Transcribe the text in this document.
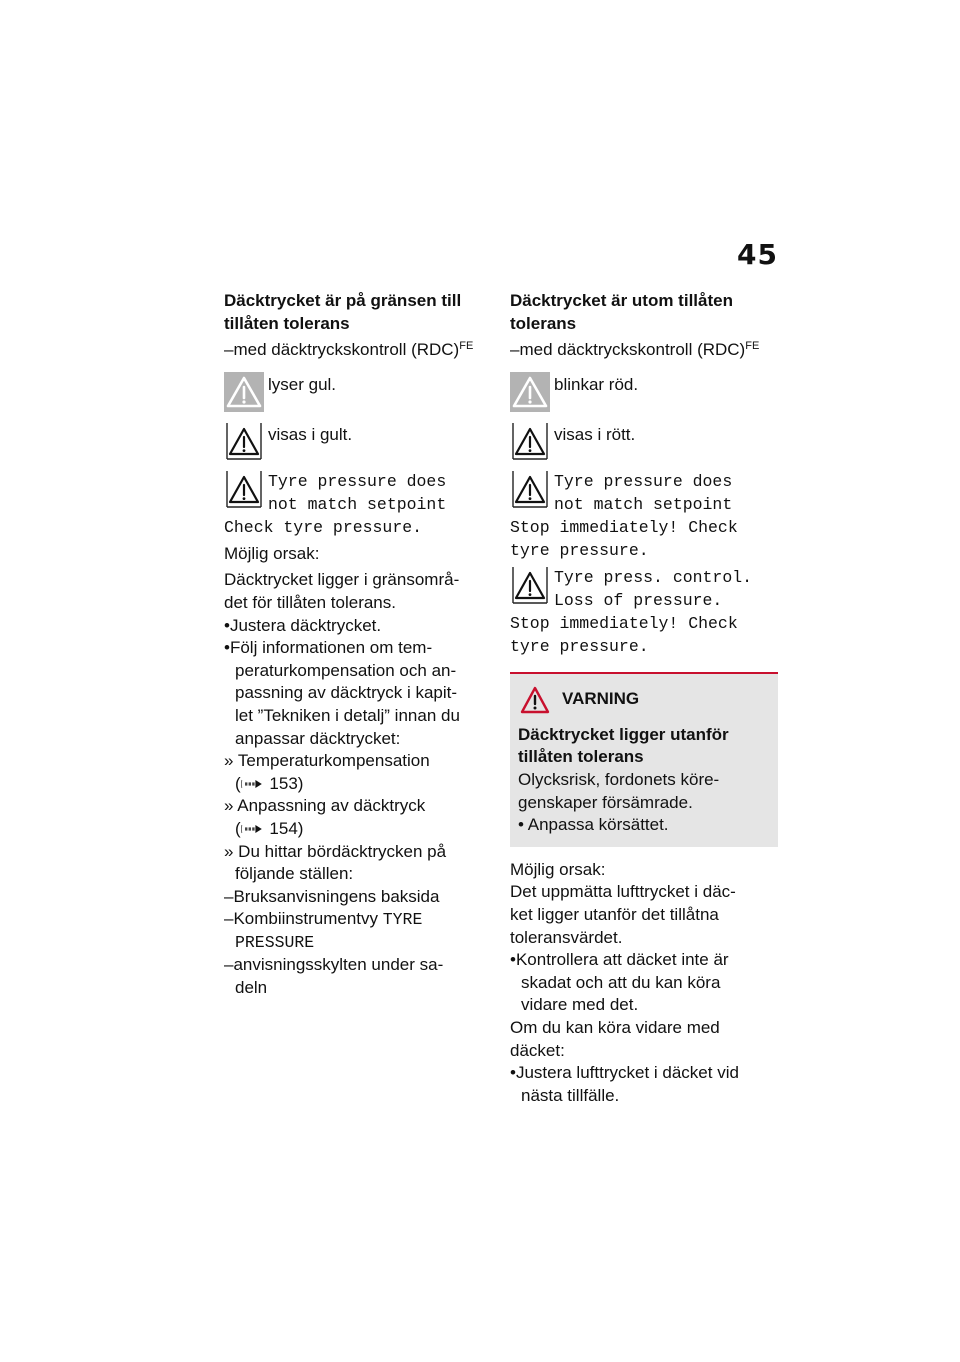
45
Däcktrycket är på gränsen till tillåten tolerans
–med däcktryckskontroll (RDC)$^{FE}$
lyser gul.
visas i gult.
Tyre pressure does
not match setpoint
Check tyre pressure.
Möjlig orsak:
Däcktrycket ligger i gränsområ-
det för tillåten tolerans.
•Justera däcktrycket.
•Följ informationen om tem-
peraturkompensation och an-
passning av däcktryck i kapit-
let ”Tekniken i detalj” innan du
anpassar däcktrycket:
» Temperaturkompensation
( 153)
» Anpassning av däcktryck
( 154)
» Du hittar bördäcktrycken på
följande ställen:
–Bruksanvisningens baksida
–Kombiinstrumentvy TYRE
PRESSURE
–anvisningsskylten under sa-
deln
Däcktrycket är utom tillåten tolerans
–med däcktryckskontroll (RDC)$^{FE}$
blinkar röd.
visas i rött.
Tyre pressure does
not match setpoint
Stop immediately! Check
tyre pressure.
Tyre press. control.
Loss of pressure.
Stop immediately! Check
tyre pressure.
VARNING
Däcktrycket ligger utanför tillåten tolerans
Olycksrisk, fordonets köre-
genskaper försämrade.
• Anpassa körsättet.
Möjlig orsak:
Det uppmätta lufttrycket i däc-
ket ligger utanför det tillåtna
toleransvärdet.
•Kontrollera att däcket inte är
skadat och att du kan köra
vidare med det.
Om du kan köra vidare med
däcket:
•Justera lufttrycket i däcket vid
nästa tillfälle.
